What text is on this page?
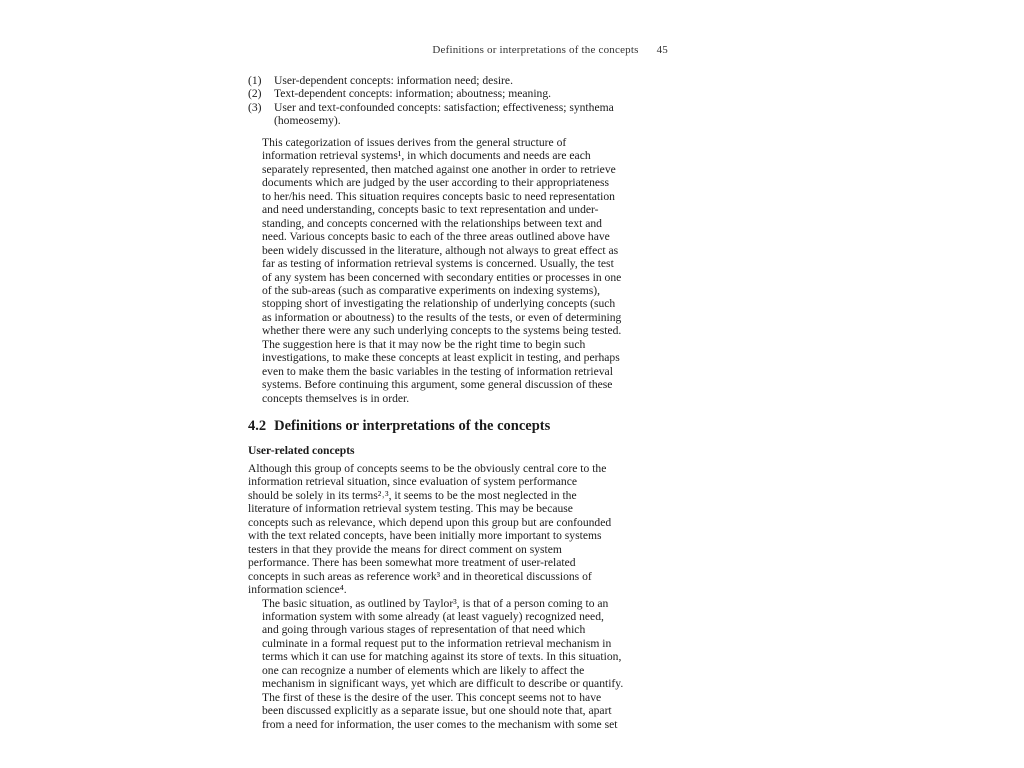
Definitions or interpretations of the concepts 45
(1) User-dependent concepts: information need; desire.
(2) Text-dependent concepts: information; aboutness; meaning.
(3) User and text-confounded concepts: satisfaction; effectiveness; synthema
(homeosemy).

This categorization of issues derives from the general structure of
information retrieval systems¹, in which documents and needs are each
separately represented, then matched against one another in order to retrieve
documents which are judged by the user according to their appropriateness
to her/his need. This situation requires concepts basic to need representation
and need understanding, concepts basic to text representation and under-
standing, and concepts concerned with the relationships between text and
need. Various concepts basic to each of the three areas outlined above have
been widely discussed in the literature, although not always to great effect as
far as testing of information retrieval systems is concerned. Usually, the test
of any system has been concerned with secondary entities or processes in one
of the sub-areas (such as comparative experiments on indexing systems),
stopping short of investigating the relationship of underlying concepts (such
as information or aboutness) to the results of the tests, or even of determining
whether there were any such underlying concepts to the systems being tested.
The suggestion here is that it may now be the right time to begin such
investigations, to make these concepts at least explicit in testing, and perhaps
even to make them the basic variables in the testing of information retrieval
systems. Before continuing this argument, some general discussion of these
concepts themselves is in order.

4.2 Definitions or interpretations of the concepts
User-related concepts

Although this group of concepts seems to be the obviously central core to the
information retrieval situation, since evaluation of system performance
should be solely in its terms²˒³, it seems to be the most neglected in the
literature of information retrieval system testing. This may be because
concepts such as relevance, which depend upon this group but are confounded
with the text related concepts, have been initially more important to systems
testers in that they provide the means for direct comment on system
performance. There has been somewhat more treatment of user-related
concepts in such areas as reference work³ and in theoretical discussions of
information science⁴.

The basic situation, as outlined by Taylor³, is that of a person coming to an
information system with some already (at least vaguely) recognized need,
and going through various stages of representation of that need which
culminate in a formal request put to the information retrieval mechanism in
terms which it can use for matching against its store of texts. In this situation,
one can recognize a number of elements which are likely to affect the
mechanism in significant ways, yet which are difficult to describe or quantify.

The first of these is the desire of the user. This concept seems not to have
been discussed explicitly as a separate issue, but one should note that, apart
from a need for information, the user comes to the mechanism with some set
